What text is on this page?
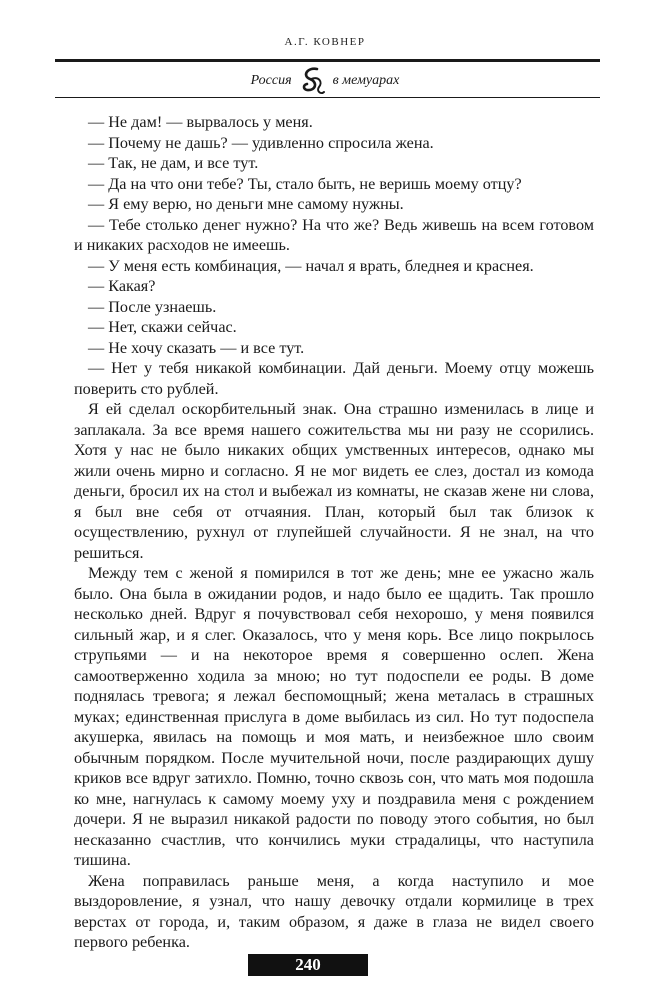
А.Г. КОВНЕР
Россия	в мемуарах

— Не дам! — вырвалось у меня.

— Почему не дашь? — удивленно спросила жена.

— Так, не дам, и все тут.

— Да на что они тебе? Ты, стало быть, не веришь моему отцу?

— Я ему верю, но деньги мне самому нужны.

— Тебе столько денег нужно? На что же? Ведь живешь на всем готовом и никаких расходов не имеешь.

— У меня есть комбинация, — начал я врать, бледнея и краснея.

— Какая?

— После узнаешь.

— Нет, скажи сейчас.

— Не хочу сказать — и все тут.

— Нет у тебя никакой комбинации. Дай деньги. Моему отцу можешь поверить сто рублей.

Я ей сделал оскорбительный знак. Она страшно изменилась в лице и заплакала. За все время нашего сожительства мы ни разу не ссорились. Хотя у нас не было никаких общих умственных интересов, однако мы жили очень мирно и согласно. Я не мог видеть ее слез, достал из комода деньги, бросил их на стол и выбежал из комнаты, не сказав жене ни слова, я был вне себя от отчаяния. План, который был так близок к осуществлению, рухнул от глупейшей случайности. Я не знал, на что решиться.

Между тем с женой я помирился в тот же день; мне ее ужасно жаль было. Она была в ожидании родов, и надо было ее щадить. Так прошло несколько дней. Вдруг я почувствовал себя нехорошо, у меня появился сильный жар, и я слег. Оказалось, что у меня корь. Все лицо покрылось струпьями — и на некоторое время я совершенно ослеп. Жена самоотверженно ходила за мною; но тут подоспели ее роды. В доме поднялась тревога; я лежал беспомощный; жена металась в страшных муках; единственная прислуга в доме выбилась из сил. Но тут подоспела акушерка, явилась на помощь и моя мать, и неизбежное шло своим обычным порядком. После мучительной ночи, после раздирающих душу криков все вдруг затихло. Помню, точно сквозь сон, что мать моя подошла ко мне, нагнулась к самому моему уху и поздравила меня с рождением дочери. Я не выразил никакой радости по поводу этого события, но был несказанно счастлив, что кончились муки страдалицы, что наступила тишина.

Жена поправилась раньше меня, а когда наступило и мое выздоровление, я узнал, что нашу девочку отдали кормилице в трех верстах от города, и, таким образом, я даже в глаза не видел своего первого ребенка.

240
